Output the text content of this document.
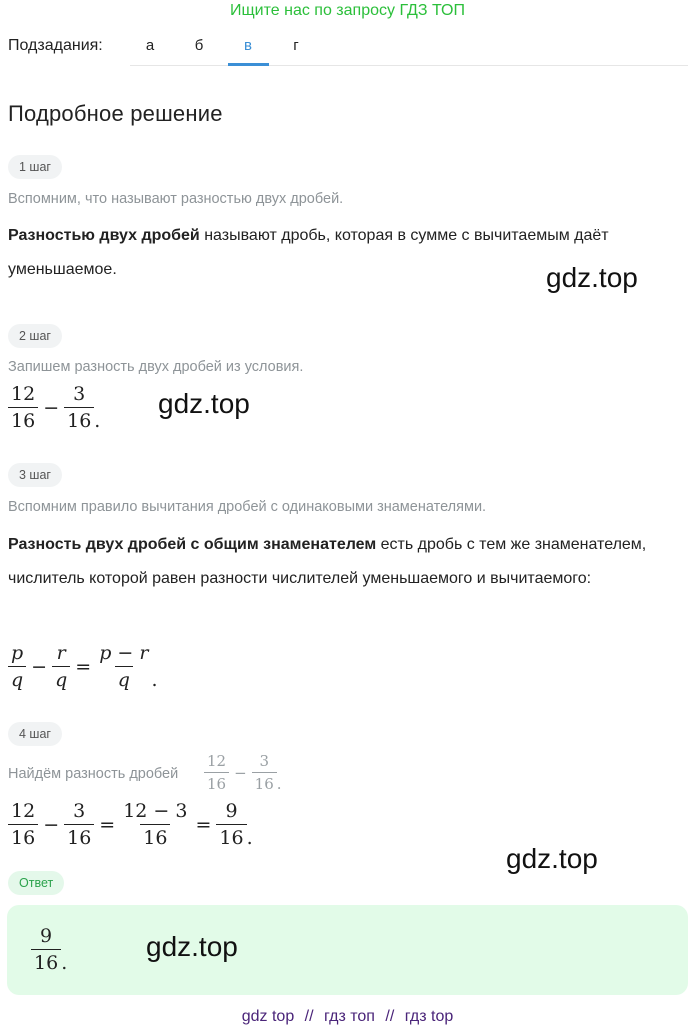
Ищите нас по запросу ГДЗ ТОП
Подзадания:	а	б	в	г
Подробное решение
1 шаг
Вспомним, что называют разностью двух дробей.
Разностью двух дробей называют дробь, которая в сумме с вычитаемым даёт уменьшаемое.	gdz.top
2 шаг
Запишем разность двух дробей из условия.
$\frac{12}{16} - \frac{3}{16}$ .
gdz.top
3 шаг
Вспомним правило вычитания дробей с одинаковыми знаменателями.
Разность двух дробей с общим знаменателем есть дробь с тем же знаменателем, числитель которой равен разности числителей уменьшаемого и вычитаемого:
$\frac{p}{q} - \frac{r}{q} = \frac{p - r}{q}$ .
4 шаг
Найдём разность дробей $\frac{12}{16} - \frac{3}{16}$ .
$\frac{12}{16} - \frac{3}{16} = \frac{12 - 3}{16} = \frac{9}{16}$ .
gdz.top
Ответ
$\frac{9}{16}$ .
gdz.top
gdz top // гдз топ // гдз top
